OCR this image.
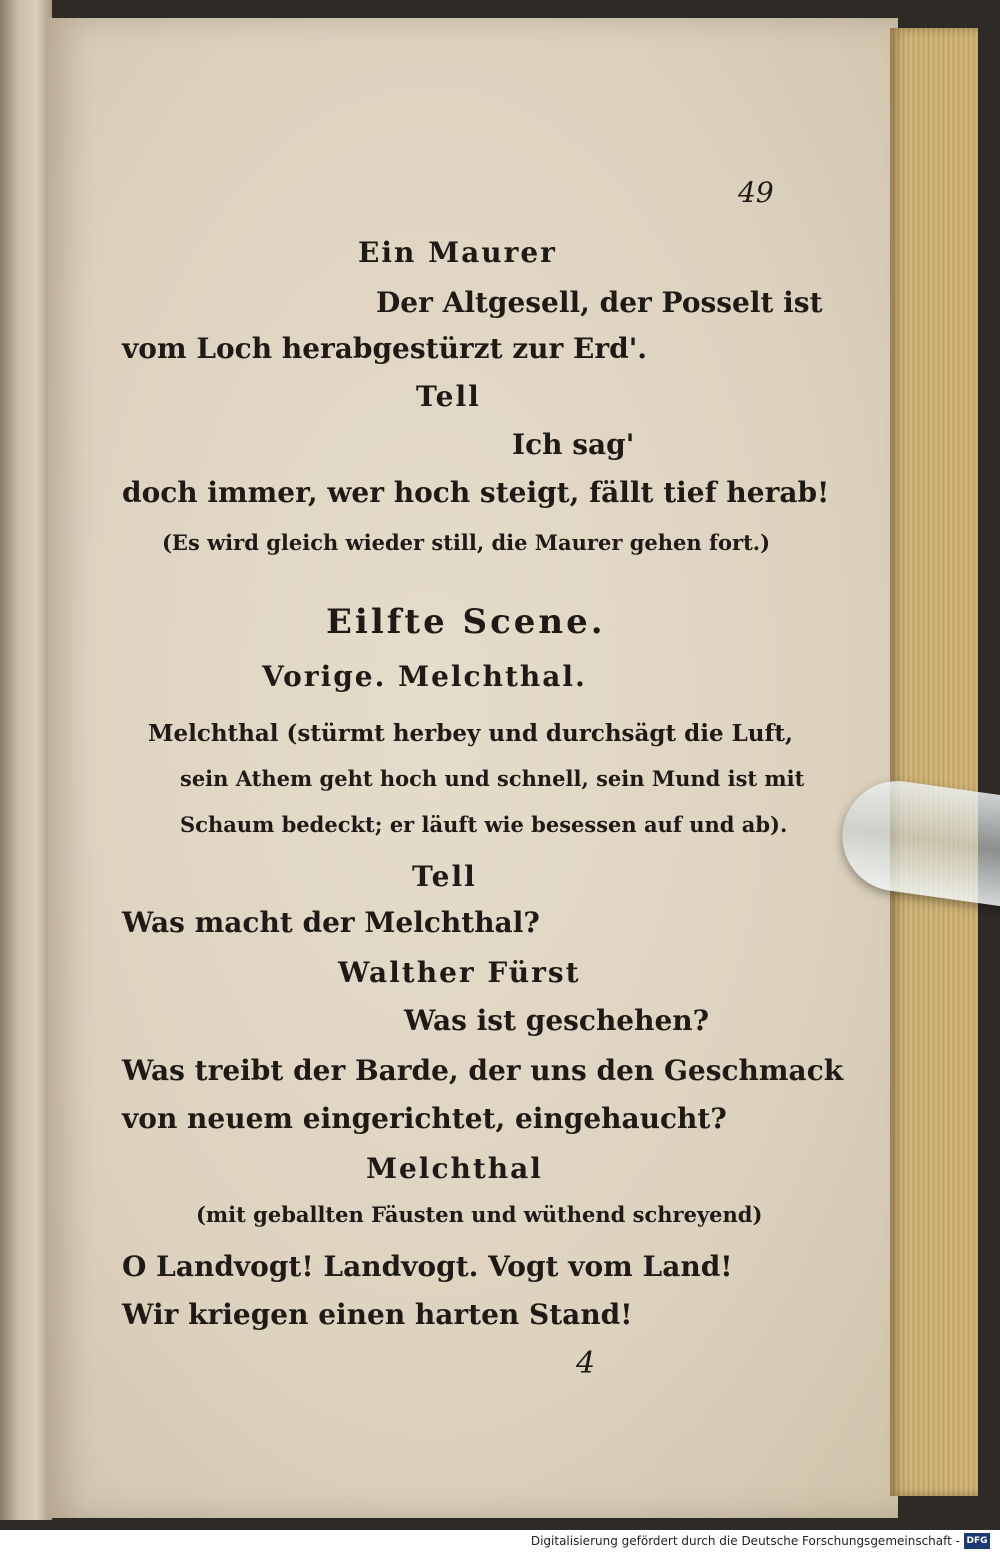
49
Ein Maurer
Der Altgesell, der Posselt ist
vom Loch herabgestürzt zur Erd'.
Tell
Ich sag'
doch immer, wer hoch steigt, fällt tief herab!
(Es wird gleich wieder still, die Maurer gehen fort.)
Eilfte Scene.
Vorige. Melchthal.
Melchthal (stürmt herbey und durchsägt die Luft,
sein Athem geht hoch und schnell, sein Mund ist mit
Schaum bedeckt; er läuft wie besessen auf und ab).
Tell
Was macht der Melchthal?
Walther Fürst
Was ist geschehen?
Was treibt der Barde, der uns den Geschmack
von neuem eingerichtet, eingehaucht?
Melchthal
(mit geballten Fäusten und wüthend schreyend)
O Landvogt! Landvogt. Vogt vom Land!
Wir kriegen einen harten Stand!
4
Digitalisierung gefördert durch die Deutsche Forschungsgemeinschaft - DFG
